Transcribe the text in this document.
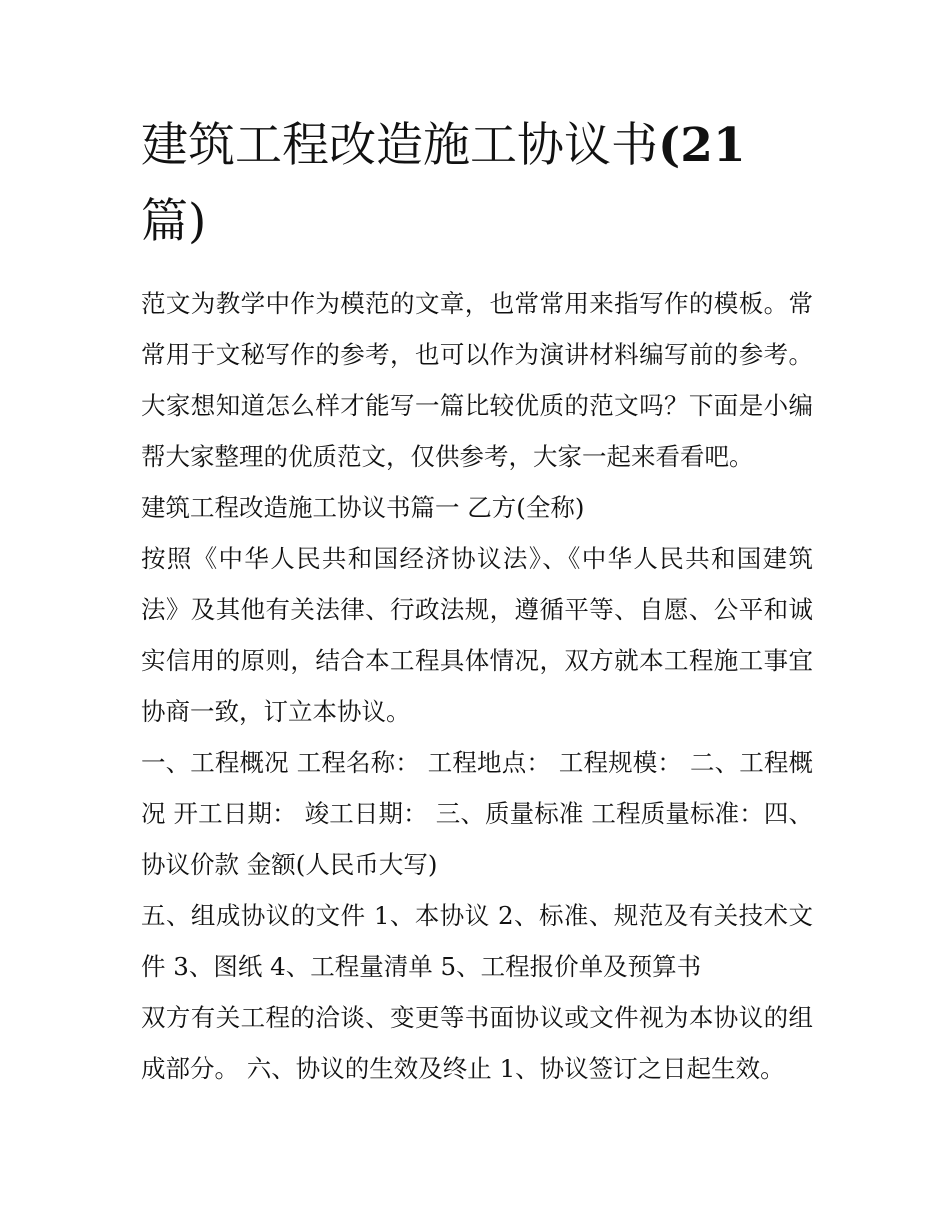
建筑工程改造施工协议书(21
篇)

范文为教学中作为模范的文章，也常常用来指写作的模板。常常用于文秘写作的参考，也可以作为演讲材料编写前的参考。大家想知道怎么样才能写一篇比较优质的范文吗？下面是小编帮大家整理的优质范文，仅供参考，大家一起来看看吧。

建筑工程改造施工协议书篇一 乙方(全称)

按照《中华人民共和国经济协议法》、《中华人民共和国建筑法》及其他有关法律、行政法规，遵循平等、自愿、公平和诚实信用的原则，结合本工程具体情况，双方就本工程施工事宜协商一致，订立本协议。

一、工程概况 工程名称： 工程地点： 工程规模： 二、工程概况 开工日期： 竣工日期： 三、质量标准 工程质量标准：四、协议价款 金额(人民币大写)

五、组成协议的文件 1、本协议 2、标准、规范及有关技术文件 3、图纸 4、工程量清单 5、工程报价单及预算书

双方有关工程的洽谈、变更等书面协议或文件视为本协议的组成部分。 六、协议的生效及终止 1、协议签订之日起生效。
